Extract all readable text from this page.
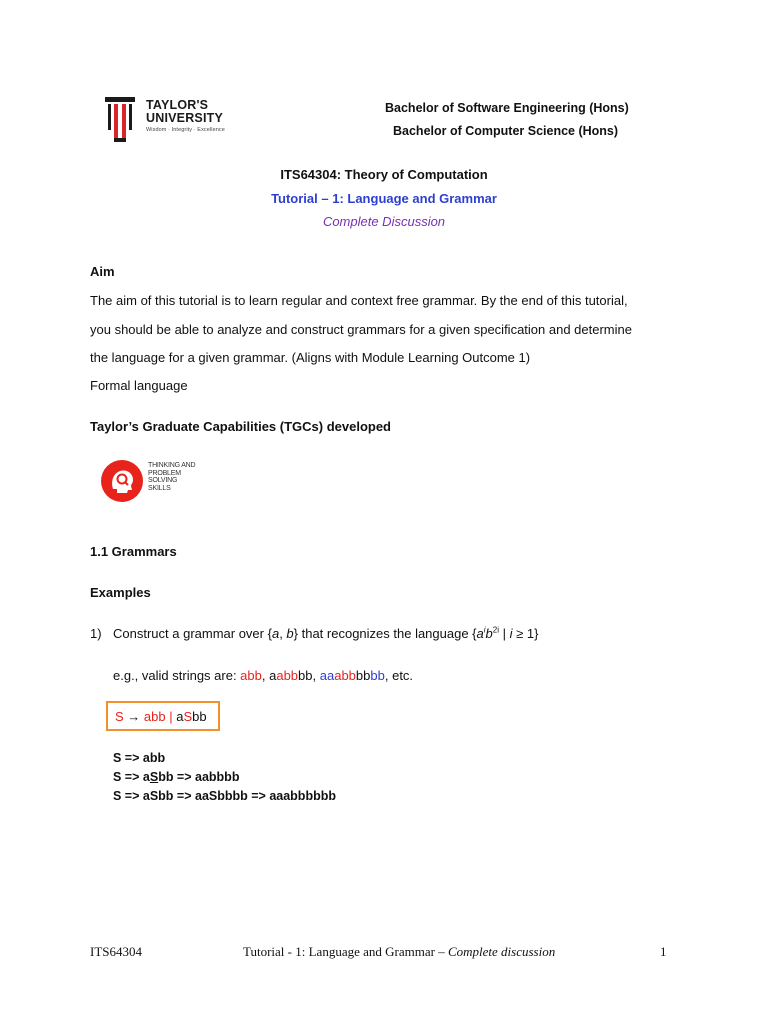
TAYLOR'S
UNIVERSITY
Wisdom · Integrity · Excellence
Bachelor of Software Engineering (Hons)
Bachelor of Computer Science (Hons)
ITS64304: Theory of Computation
Tutorial – 1: Language and Grammar
Complete Discussion
Aim
The aim of this tutorial is to learn regular and context free grammar. By the end of this tutorial,
you should be able to analyze and construct grammars for a given specification and determine
the language for a given grammar. (Aligns with Module Learning Outcome 1)
Formal language
Taylor’s Graduate Capabilities (TGCs) developed
THINKING AND
PROBLEM
SOLVING
SKILLS
1.1 Grammars
Examples
1) Construct a grammar over {a, b} that recognizes the language {$a^ib^{2i}$ | i ≥ 1}
e.g., valid strings are: abb, aabbbb, aaabbbbbb, etc.
S → abb | aSbb
S => abb
S => aSbb => aabbbb
S => aSbb => aaSbbbb => aaabbbbbb
ITS64304	Tutorial - 1: Language and Grammar – Complete discussion	1
